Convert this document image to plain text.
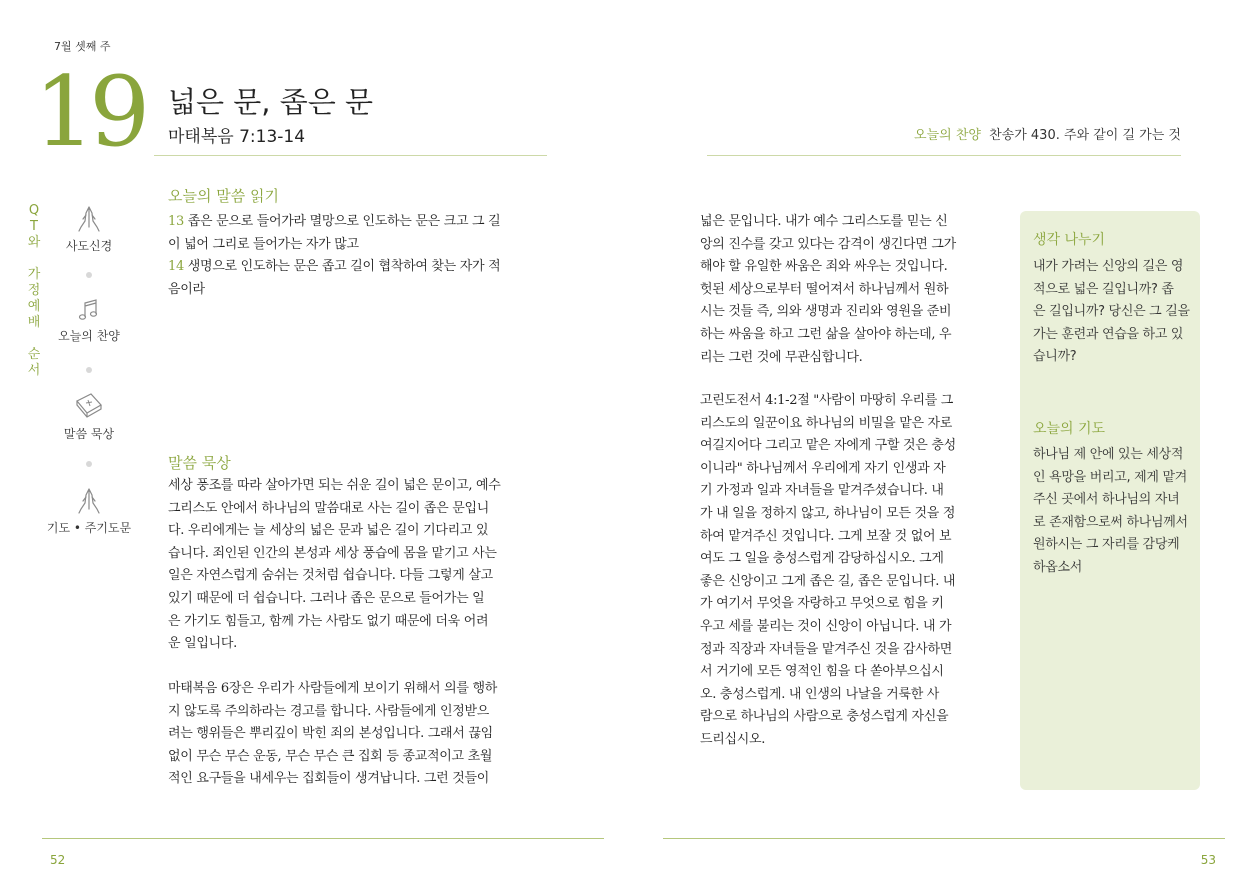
7월 셋째 주
19 넓은 문, 좁은 문
마태복음 7:13-14	오늘의 찬양 찬송가 430. 주와 같이 길 가는 것
Q
T
와
가
정
예
배
순
서
사도신경
오늘의 찬양
말씀 묵상
기도 • 주기도문
오늘의 말씀 읽기
13 좁은 문으로 들어가라 멸망으로 인도하는 문은 크고 그 길
이 넓어 그리로 들어가는 자가 많고
14 생명으로 인도하는 문은 좁고 길이 협착하여 찾는 자가 적
음이라
말씀 묵상
세상 풍조를 따라 살아가면 되는 쉬운 길이 넓은 문이고, 예수
그리스도 안에서 하나님의 말씀대로 사는 길이 좁은 문입니
다. 우리에게는 늘 세상의 넓은 문과 넓은 길이 기다리고 있
습니다. 죄인된 인간의 본성과 세상 풍습에 몸을 맡기고 사는
일은 자연스럽게 숨쉬는 것처럼 쉽습니다. 다들 그렇게 살고
있기 때문에 더 쉽습니다. 그러나 좁은 문으로 들어가는 일
은 가기도 힘들고, 함께 가는 사람도 없기 때문에 더욱 어려
운 일입니다.
마태복음 6장은 우리가 사람들에게 보이기 위해서 의를 행하
지 않도록 주의하라는 경고를 합니다. 사람들에게 인정받으
려는 행위들은 뿌리깊이 박힌 죄의 본성입니다. 그래서 끊임
없이 무슨 무슨 운동, 무슨 무슨 큰 집회 등 종교적이고 초월
적인 요구들을 내세우는 집회들이 생겨납니다. 그런 것들이
넓은 문입니다. 내가 예수 그리스도를 믿는 신
앙의 진수를 갖고 있다는 감격이 생긴다면 그가
해야 할 유일한 싸움은 죄와 싸우는 것입니다.
헛된 세상으로부터 떨어져서 하나님께서 원하
시는 것들 즉, 의와 생명과 진리와 영원을 준비
하는 싸움을 하고 그런 삶을 살아야 하는데, 우
리는 그런 것에 무관심합니다.
고린도전서 4:1-2절 "사람이 마땅히 우리를 그
리스도의 일꾼이요 하나님의 비밀을 맡은 자로
여길지어다 그리고 맡은 자에게 구할 것은 충성
이니라" 하나님께서 우리에게 자기 인생과 자
기 가정과 일과 자녀들을 맡겨주셨습니다. 내
가 내 일을 정하지 않고, 하나님이 모든 것을 정
하여 맡겨주신 것입니다. 그게 보잘 것 없어 보
여도 그 일을 충성스럽게 감당하십시오. 그게
좋은 신앙이고 그게 좁은 길, 좁은 문입니다. 내
가 여기서 무엇을 자랑하고 무엇으로 힘을 키
우고 세를 불리는 것이 신앙이 아닙니다. 내 가
정과 직장과 자녀들을 맡겨주신 것을 감사하면
서 거기에 모든 영적인 힘을 다 쏟아부으십시
오. 충성스럽게. 내 인생의 나날을 거룩한 사
람으로 하나님의 사람으로 충성스럽게 자신을
드리십시오.
생각 나누기
내가 가려는 신앙의 길은 영
적으로 넓은 길입니까? 좁
은 길입니까? 당신은 그 길을
가는 훈련과 연습을 하고 있
습니까?
오늘의 기도
하나님 제 안에 있는 세상적
인 욕망을 버리고, 제게 맡겨
주신 곳에서 하나님의 자녀
로 존재함으로써 하나님께서
원하시는 그 자리를 감당케
하옵소서
52	53
